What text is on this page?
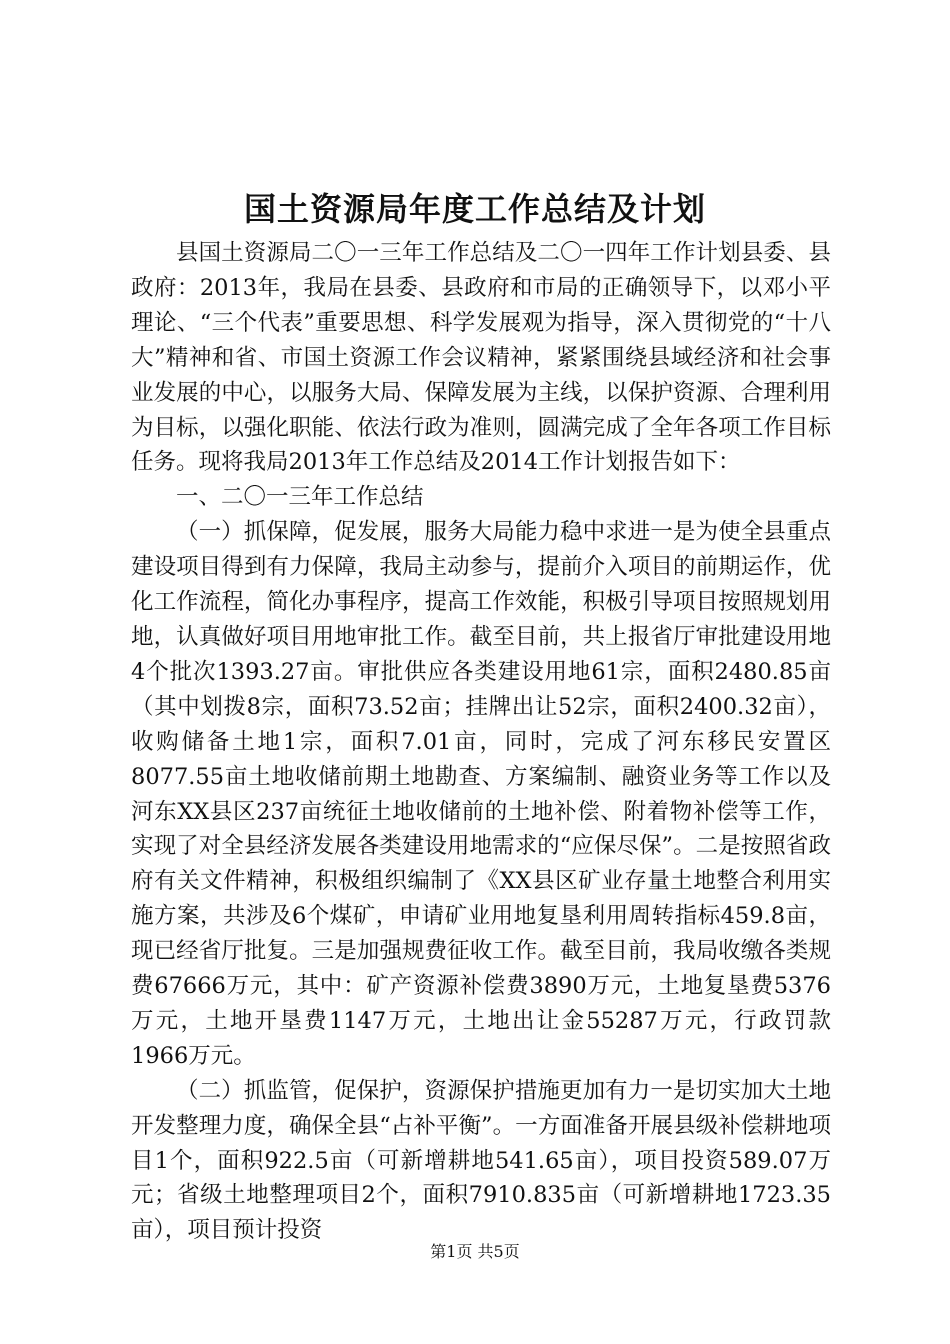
国土资源局年度工作总结及计划

县国土资源局二〇一三年工作总结及二〇一四年工作计划县委、县政府：2013年，我局在县委、县政府和市局的正确领导下，以邓小平理论、“三个代表”重要思想、科学发展观为指导，深入贯彻党的“十八大”精神和省、市国土资源工作会议精神，紧紧围绕县域经济和社会事业发展的中心，以服务大局、保障发展为主线，以保护资源、合理利用为目标，以强化职能、依法行政为准则，圆满完成了全年各项工作目标任务。现将我局2013年工作总结及2014工作计划报告如下：

一、二〇一三年工作总结

（一）抓保障，促发展，服务大局能力稳中求进一是为使全县重点建设项目得到有力保障，我局主动参与，提前介入项目的前期运作，优化工作流程，简化办事程序，提高工作效能，积极引导项目按照规划用地，认真做好项目用地审批工作。截至目前，共上报省厅审批建设用地4个批次1393.27亩。审批供应各类建设用地61宗，面积2480.85亩（其中划拨8宗，面积73.52亩；挂牌出让52宗，面积2400.32亩），收购储备土地1宗，面积7.01亩，同时，完成了河东移民安置区8077.55亩土地收储前期土地勘查、方案编制、融资业务等工作以及河东XX县区237亩统征土地收储前的土地补偿、附着物补偿等工作，实现了对全县经济发展各类建设用地需求的“应保尽保”。二是按照省政府有关文件精神，积极组织编制了《XX县区矿业存量土地整合利用实施方案，共涉及6个煤矿，申请矿业用地复垦利用周转指标459.8亩，现已经省厅批复。三是加强规费征收工作。截至目前，我局收缴各类规费67666万元，其中：矿产资源补偿费3890万元，土地复垦费5376万元，土地开垦费1147万元，土地出让金55287万元，行政罚款1966万元。

（二）抓监管，促保护，资源保护措施更加有力一是切实加大土地开发整理力度，确保全县“占补平衡”。一方面准备开展县级补偿耕地项目1个，面积922.5亩（可新增耕地541.65亩），项目投资589.07万元；省级土地整理项目2个，面积7910.835亩（可新增耕地1723.35亩），项目预计投资

第1页 共5页
